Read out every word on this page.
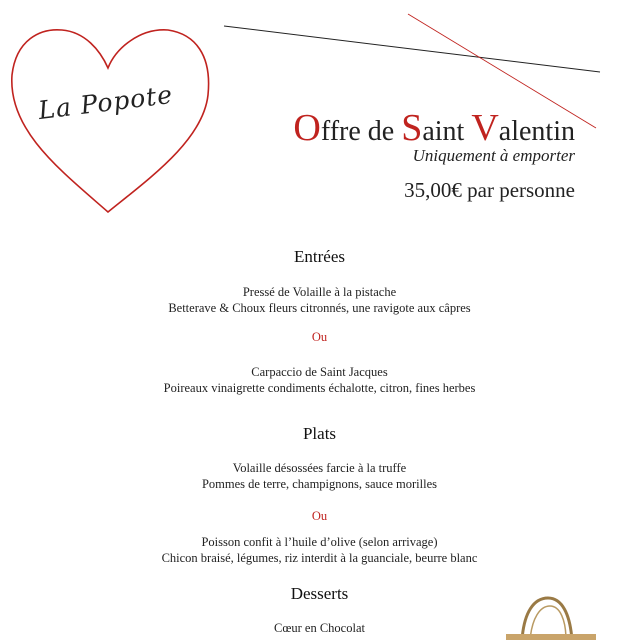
La Popote
Offre de Saint Valentin
Uniquement à emporter
35,00€ par personne
Entrées
Pressé de Volaille à la pistache
Betterave & Choux fleurs citronnés, une ravigote aux câpres
Ou
Carpaccio de Saint Jacques
Poireaux vinaigrette condiments échalotte, citron, fines herbes
Plats
Volaille désossées farcie à la truffe
Pommes de terre, champignons, sauce morilles
Ou
Poisson confit à l’huile d’olive (selon arrivage)
Chicon braisé, légumes, riz interdit à la guanciale, beurre blanc
Desserts
Cœur en Chocolat
